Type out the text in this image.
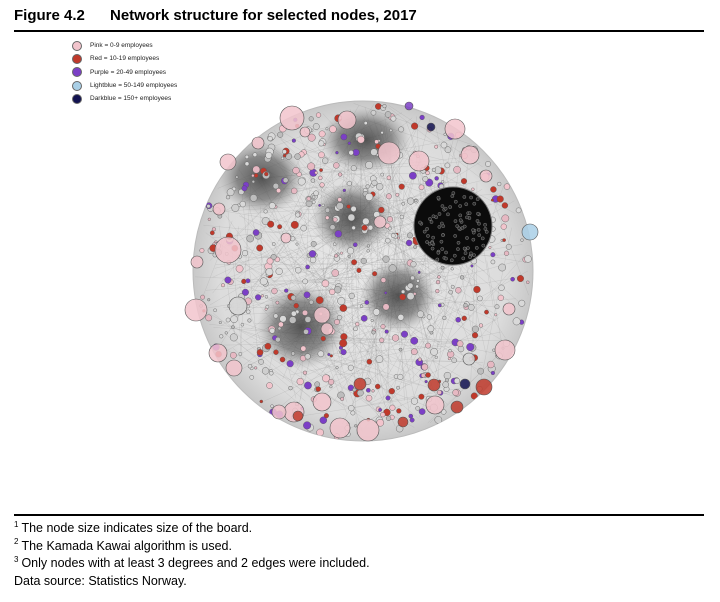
Figure 4.2 Network structure for selected nodes, 2017
Pink = 0-9 employees
Red = 10-19 employees
Purple = 20-49 employees
Lightblue = 50-149 employees
Darkblue = 150+ employees
$^1$ The node size indicates size of the board.
$^2$ The Kamada Kawai algorithm is used.
$^3$ Only nodes with at least 3 degrees and 2 edges were included.
Data source: Statistics Norway.
